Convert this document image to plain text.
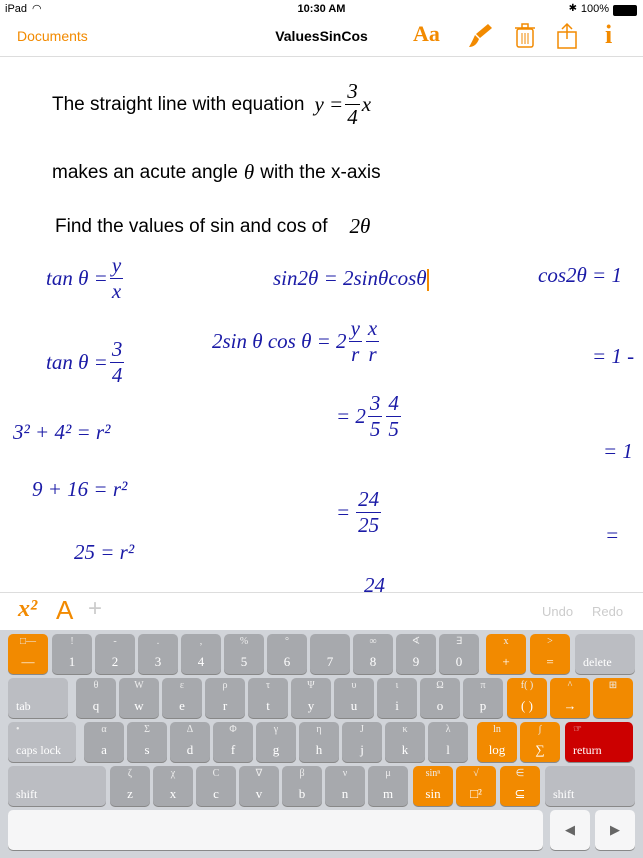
iPad ◠	10:30 AM	✱ 100%
Documents	ValuesSinCos	Aa	i
The straight line with equation $y = \frac{3}{4}$ x
makes an acute angle θ with the x-axis
Find the values of sin and cos of 2θ
$\tan \theta = \frac{y}{x}$
$\tan \theta = \frac{3}{4}$
3² + 4² = r²
9 + 16 = r²
25 = r²
sin2θ = 2sinθcosθ
2sin θ $\cos \theta = 2 \frac{y}{r} \frac{x}{r}$
= $2 \frac{3}{5} \frac{4}{5}$
= $\frac{24}{25}$
24
cos2θ = 1
= 1 -
= 1
=
x² A +	Undo Redo
□—
—
!
1
-
2
.
3
,
4
%
5
°
6	7
∞
8
∢
9
∃
0
x
+
>
=	delete
tab
θ
q
W
w
ε
e
ρ
r
τ
t
Ψ
y
υ
u
ι
i
Ω
o
π
p
f( )
( )
^
→
⊞
•
caps lock
α
a
Σ
s
Δ
d
Φ
f
γ
g
η
h
J
j
κ
k
λ
l
ln
log
∫
∑
☞
return
shift
ζ
z
χ
x
C
c
∇
v
β
b
ν
n
μ
m
sinⁿ
sin
√
□²
∈
⊆	shift
◀	▶
